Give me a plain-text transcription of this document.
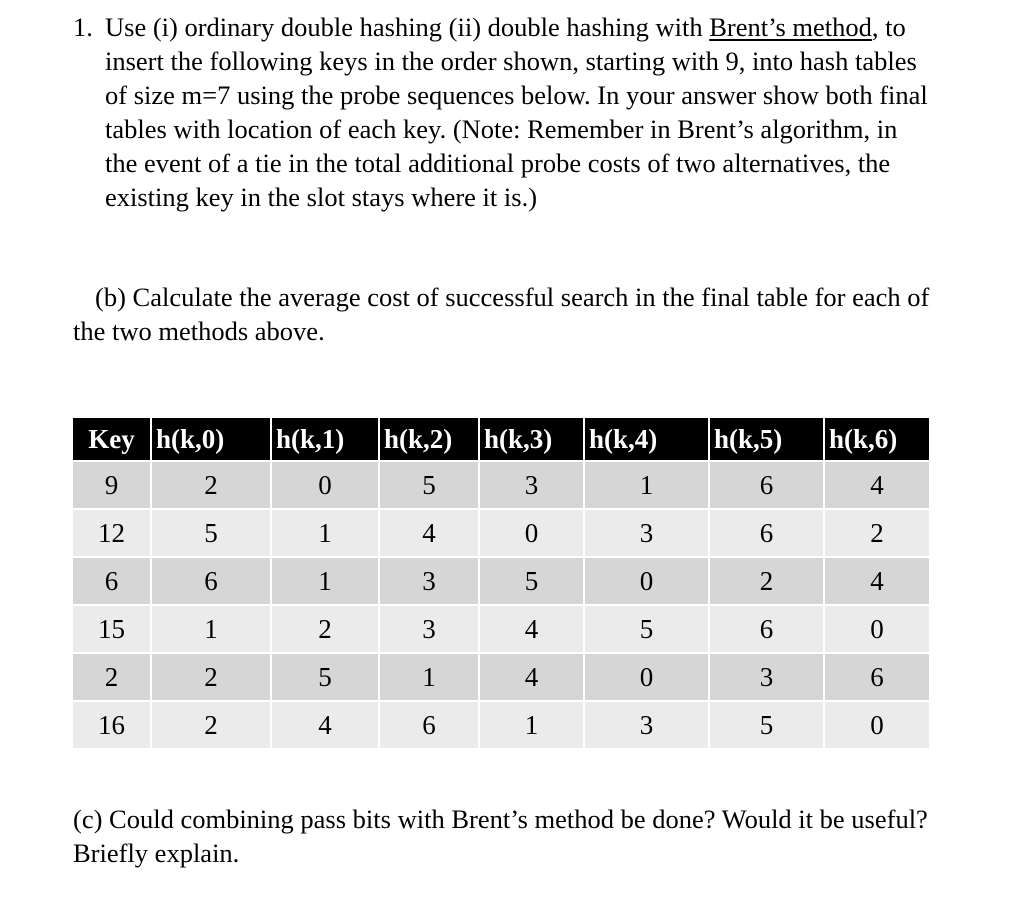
1. Use (i) ordinary double hashing (ii) double hashing with Brent’s method, to insert the following keys in the order shown, starting with 9, into hash tables of size m=7 using the probe sequences below. In your answer show both final tables with location of each key. (Note: Remember in Brent’s algorithm, in the event of a tie in the total additional probe costs of two alternatives, the existing key in the slot stays where it is.)
(b) Calculate the average cost of successful search in the final table for each of the two methods above.
Key	h(k,0)	h(k,1)	h(k,2)	h(k,3)	h(k,4)	h(k,5)	h(k,6)
9	2	0	5	3	1	6	4
12	5	1	4	0	3	6	2
6	6	1	3	5	0	2	4
15	1	2	3	4	5	6	0
2	2	5	1	4	0	3	6
16	2	4	6	1	3	5	0
(c) Could combining pass bits with Brent’s method be done? Would it be useful? Briefly explain.
